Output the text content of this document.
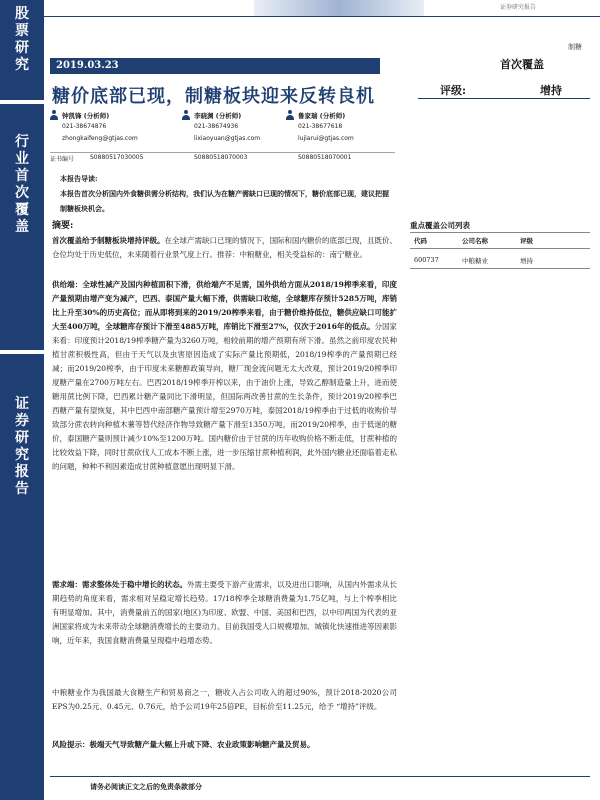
股
票
研
究
行
业
首
次
覆
盖
证
券
研
究
报
告
证券研究报告
制糖
2019.03.23	首次覆盖
糖价底部已现，制糖板块迎来反转良机	评级:	增持
钟凯锋 (分析师)
021-38674876
zhongkaifeng@gtjas.com
李晓渊 (分析师)
021-38674936
lixiaoyuan@gtjas.com
鲁家瑞 (分析师)
021-38677618
lujiarui@gtjas.com
证书编号	S0880517030005	S0880518070003	S0880518070001
本报告导读:
本报告首次分析国内外食糖供需分析结构，我们认为在糖产需缺口已现的情况下，糖价底部已现，建议把握制糖板块机会。
摘要:
首次覆盖给予制糖板块增持评级。在全球产需缺口已现的情况下，国际和国内糖价的底部已现，且既价、仓位均处于历史低位，未来随着行业景气度上行。推荐：中粮糖业，相关受益标的：南宁糖业。
供给端：全球性减产及国内种植面积下滑，供给端产不足需，国外供给方面从2018/19榨季来看，印度产量预期由增产变为减产，巴西、泰国产量大幅下滑，供需缺口收缩，全球糖库存预计5285万吨，库销比上升至30%的历史高位；而从即将到来的2019/20榨季来看，由于糖价维持低位，糖供应缺口可能扩大至400万吨，全球糖库存预计下滑至4885万吨，库销比下滑至27%，仅次于2016年的低点。分国家来看：印度预计2018/19榨季糖产量为3260万吨，相较前期的增产预期有所下滑。虽然之前印度农民种植甘蔗积极性高，但由于天气以及虫害原因造成了实际产量比预期低，2018/19榨季的产量预期已经减；而2019/20榨季，由于印度未来糖醇政策导向，糖厂现金流问题无太大改观，预计2019/20榨季印度糖产量在2700万吨左右。巴西2018/19榨季开榨以来，由于油价上涨，导致乙醇制造量上升，进而使糖用蔗比例下降，巴西累计糖产量同比下滑明显，但国际两改善甘蔗的生长条件，预计2019/20榨季巴西糖产量有望恢复，其中巴西中南部糖产量预计增至2970万吨，泰国2018/19榨季由于过低的收购价导致部分蔗农转向种植木薯等替代经济作物导致糖产量下滑至1350万吨，而2019/20榨季，由于低迷的糖价，泰国糖产量则预计减少10%至1200万吨。国内糖价由于甘蔗的历年收购价格不断走低，甘蔗种植的比较效益下降，同时甘蔗砍伐人工成本不断上涨，进一步压缩甘蔗种植利润，此外国内糖业还面临着走私的问题，种种不利因素造成甘蔗种植意愿出现明显下滑。
需求端：需求整体处于稳中增长的状态。外需主要受下游产业需求，以及进出口影响，从国内外需求从长期趋势的角度来看，需求相对呈稳定增长趋势。17/18榨季全球糖消费量为1.75亿吨，与上个榨季相比有明显增加。其中，消费量前五的国家(地区)为印度、欧盟、中国、美国和巴西，以中印两国为代表的亚洲国家将成为未来带动全球糖消费增长的主要动力。目前我国受人口规模增加、城镇化快速推进等因素影响，近年来，我国食糖消费量呈现稳中趋增态势。
中粮糖业作为我国最大食糖生产和贸易商之一，糖收入占公司收入的超过90%，预计2018-2020公司EPS为0.25元、0.45元、0.76元，给予公司19年25倍PE，目标价至11.25元，给予 “增持”评级。
风险提示：极端天气导致糖产量大幅上升或下降、农业政策影响糖产量及贸易。
重点覆盖公司列表
代码	公司名称	评级
600737	中粮糖业	增持
请务必阅读正文之后的免责条款部分
